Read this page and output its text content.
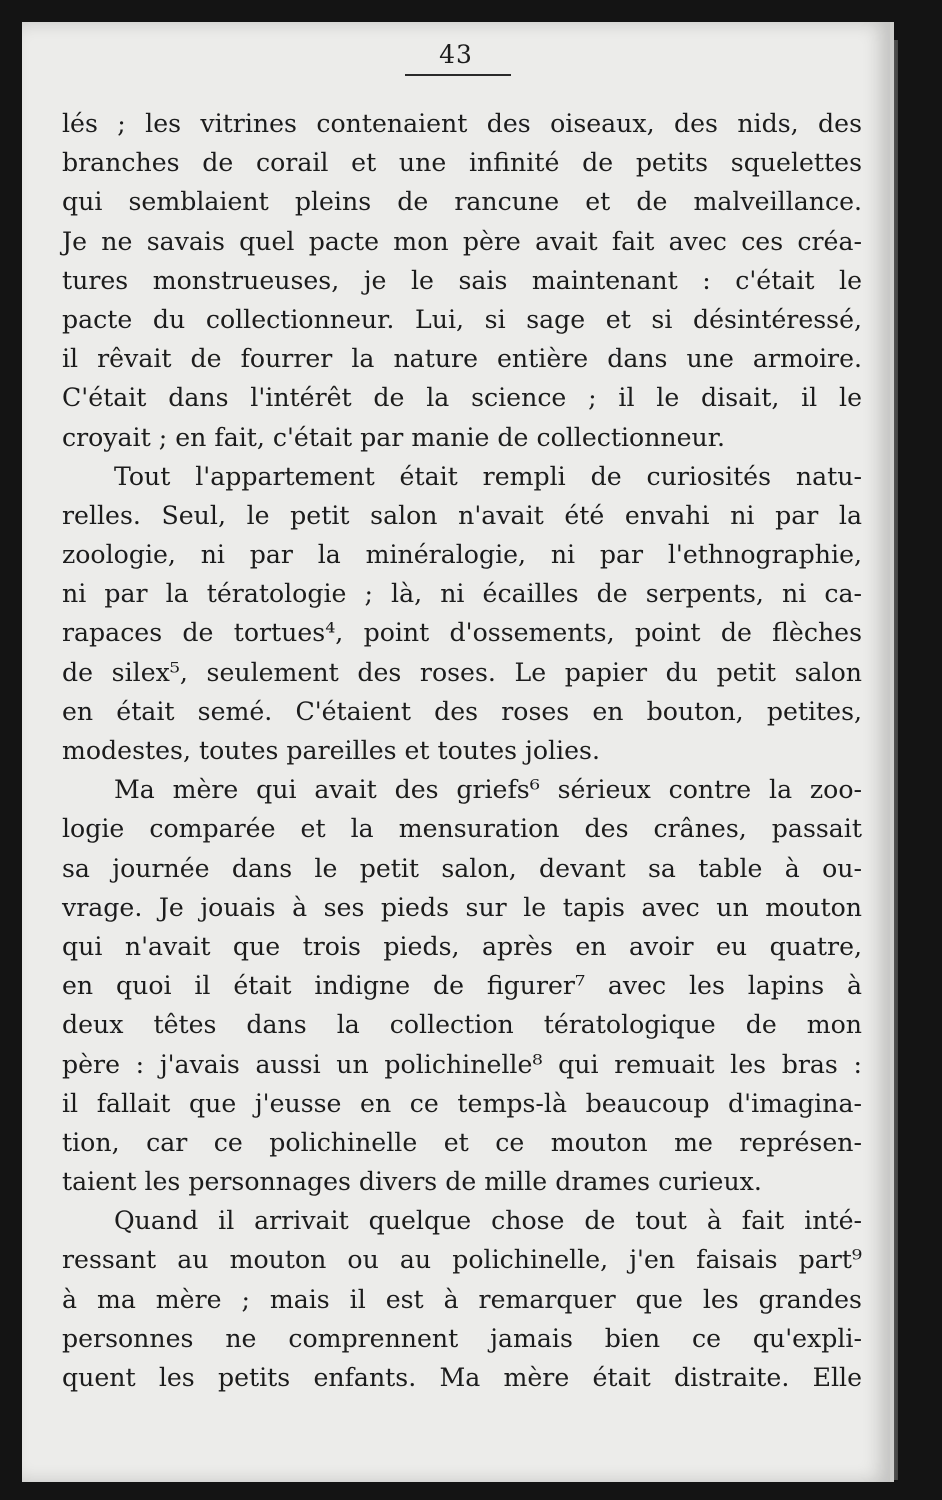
43
lés ; les vitrines contenaient des oiseaux, des nids, des
branches de corail et une infinité de petits squelettes
qui semblaient pleins de rancune et de malveillance.
Je ne savais quel pacte mon père avait fait avec ces créa-
tures monstrueuses, je le sais maintenant : c'était le
pacte du collectionneur. Lui, si sage et si désintéressé,
il rêvait de fourrer la nature entière dans une armoire.
C'était dans l'intérêt de la science ; il le disait, il le
croyait ; en fait, c'était par manie de collectionneur.
Tout l'appartement était rempli de curiosités natu-
relles. Seul, le petit salon n'avait été envahi ni par la
zoologie, ni par la minéralogie, ni par l'ethnographie,
ni par la tératologie ; là, ni écailles de serpents, ni ca-
rapaces de tortues⁴, point d'ossements, point de flèches
de silex⁵, seulement des roses. Le papier du petit salon
en était semé. C'étaient des roses en bouton, petites,
modestes, toutes pareilles et toutes jolies.
Ma mère qui avait des griefs⁶ sérieux contre la zoo-
logie comparée et la mensuration des crânes, passait
sa journée dans le petit salon, devant sa table à ou-
vrage. Je jouais à ses pieds sur le tapis avec un mouton
qui n'avait que trois pieds, après en avoir eu quatre,
en quoi il était indigne de figurer⁷ avec les lapins à
deux têtes dans la collection tératologique de mon
père : j'avais aussi un polichinelle⁸ qui remuait les bras :
il fallait que j'eusse en ce temps-là beaucoup d'imagina-
tion, car ce polichinelle et ce mouton me représen-
taient les personnages divers de mille drames curieux.
Quand il arrivait quelque chose de tout à fait inté-
ressant au mouton ou au polichinelle, j'en faisais part⁹
à ma mère ; mais il est à remarquer que les grandes
personnes ne comprennent jamais bien ce qu'expli-
quent les petits enfants. Ma mère était distraite. Elle
